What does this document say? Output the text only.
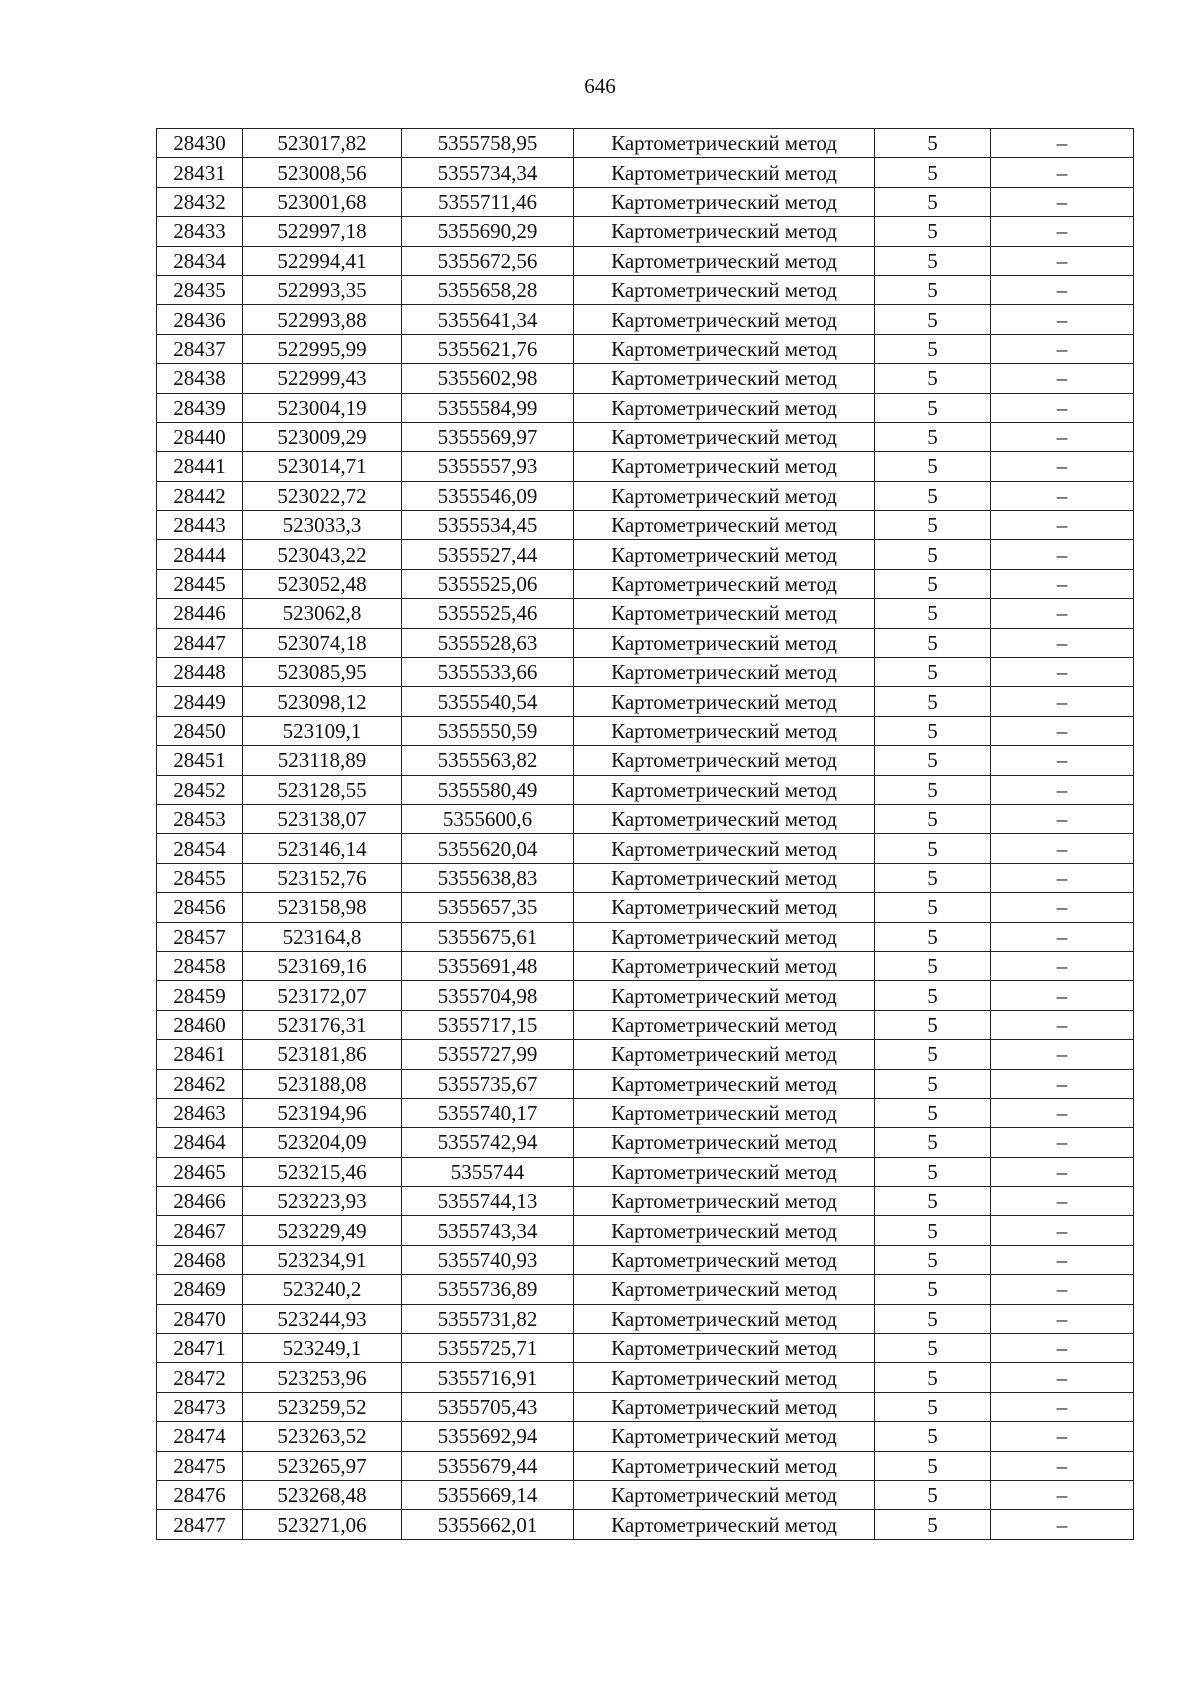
646
28430	523017,82	5355758,95	Картометрический метод	5	–
28431	523008,56	5355734,34	Картометрический метод	5	–
28432	523001,68	5355711,46	Картометрический метод	5	–
28433	522997,18	5355690,29	Картометрический метод	5	–
28434	522994,41	5355672,56	Картометрический метод	5	–
28435	522993,35	5355658,28	Картометрический метод	5	–
28436	522993,88	5355641,34	Картометрический метод	5	–
28437	522995,99	5355621,76	Картометрический метод	5	–
28438	522999,43	5355602,98	Картометрический метод	5	–
28439	523004,19	5355584,99	Картометрический метод	5	–
28440	523009,29	5355569,97	Картометрический метод	5	–
28441	523014,71	5355557,93	Картометрический метод	5	–
28442	523022,72	5355546,09	Картометрический метод	5	–
28443	523033,3	5355534,45	Картометрический метод	5	–
28444	523043,22	5355527,44	Картометрический метод	5	–
28445	523052,48	5355525,06	Картометрический метод	5	–
28446	523062,8	5355525,46	Картометрический метод	5	–
28447	523074,18	5355528,63	Картометрический метод	5	–
28448	523085,95	5355533,66	Картометрический метод	5	–
28449	523098,12	5355540,54	Картометрический метод	5	–
28450	523109,1	5355550,59	Картометрический метод	5	–
28451	523118,89	5355563,82	Картометрический метод	5	–
28452	523128,55	5355580,49	Картометрический метод	5	–
28453	523138,07	5355600,6	Картометрический метод	5	–
28454	523146,14	5355620,04	Картометрический метод	5	–
28455	523152,76	5355638,83	Картометрический метод	5	–
28456	523158,98	5355657,35	Картометрический метод	5	–
28457	523164,8	5355675,61	Картометрический метод	5	–
28458	523169,16	5355691,48	Картометрический метод	5	–
28459	523172,07	5355704,98	Картометрический метод	5	–
28460	523176,31	5355717,15	Картометрический метод	5	–
28461	523181,86	5355727,99	Картометрический метод	5	–
28462	523188,08	5355735,67	Картометрический метод	5	–
28463	523194,96	5355740,17	Картометрический метод	5	–
28464	523204,09	5355742,94	Картометрический метод	5	–
28465	523215,46	5355744	Картометрический метод	5	–
28466	523223,93	5355744,13	Картометрический метод	5	–
28467	523229,49	5355743,34	Картометрический метод	5	–
28468	523234,91	5355740,93	Картометрический метод	5	–
28469	523240,2	5355736,89	Картометрический метод	5	–
28470	523244,93	5355731,82	Картометрический метод	5	–
28471	523249,1	5355725,71	Картометрический метод	5	–
28472	523253,96	5355716,91	Картометрический метод	5	–
28473	523259,52	5355705,43	Картометрический метод	5	–
28474	523263,52	5355692,94	Картометрический метод	5	–
28475	523265,97	5355679,44	Картометрический метод	5	–
28476	523268,48	5355669,14	Картометрический метод	5	–
28477	523271,06	5355662,01	Картометрический метод	5	–
